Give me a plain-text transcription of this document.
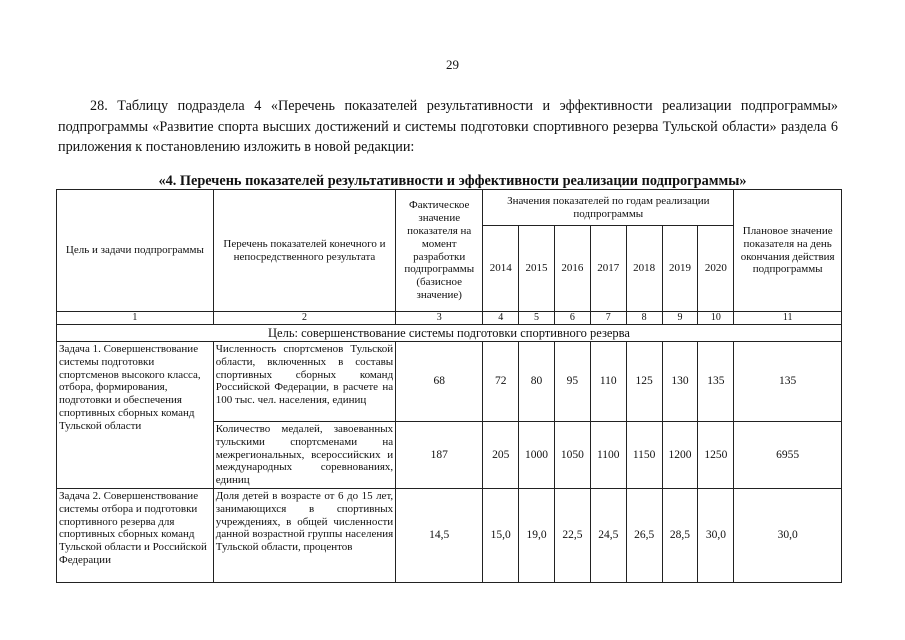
29
28. Таблицу подраздела 4 «Перечень показателей результативности и эффективности реализации подпрограммы» подпрограммы «Развитие спорта высших достижений и системы подготовки спортивного резерва Тульской области» раздела 6 приложения к постановлению изложить в новой редакции:
«4. Перечень показателей результативности и эффективности реализации подпрограммы»
Цель и задачи подпрограммы	Перечень показателей конечного и непосредственного результата	Фактическое значение показателя на момент разработки подпрограммы (базисное значение)	Значения показателей по годам реализации подпрограммы							Плановое значение показателя на день окончания действия подпрограммы
			2014	2015	2016	2017	2018	2019	2020	
1	2	3	4	5	6	7	8	9	10	11
Цель: совершенствование системы подготовки спортивного резерва										
Задача 1. Совершенствование системы подготовки спортсменов высокого класса, отбора, формирования, подготовки и обеспечения спортивных сборных команд Тульской области	Численность спортсменов Тульской области, включенных в составы спортивных сборных команд Российской Федерации, в расчете на 100 тыс. чел. населения, единиц	68	72	80	95	110	125	130	135	135
	Количество медалей, завоеванных тульскими спортсменами на межрегиональных, всероссийских и международных соревнованиях, единиц	187	205	1000	1050	1100	1150	1200	1250	6955
Задача 2. Совершенствование системы отбора и подготовки спортивного резерва для спортивных сборных команд Тульской области и Российской Федерации	Доля детей в возрасте от 6 до 15 лет, занимающихся в спортивных учреждениях, в общей численности данной возрастной группы населения Тульской области, процентов	14,5	15,0	19,0	22,5	24,5	26,5	28,5	30,0	30,0
